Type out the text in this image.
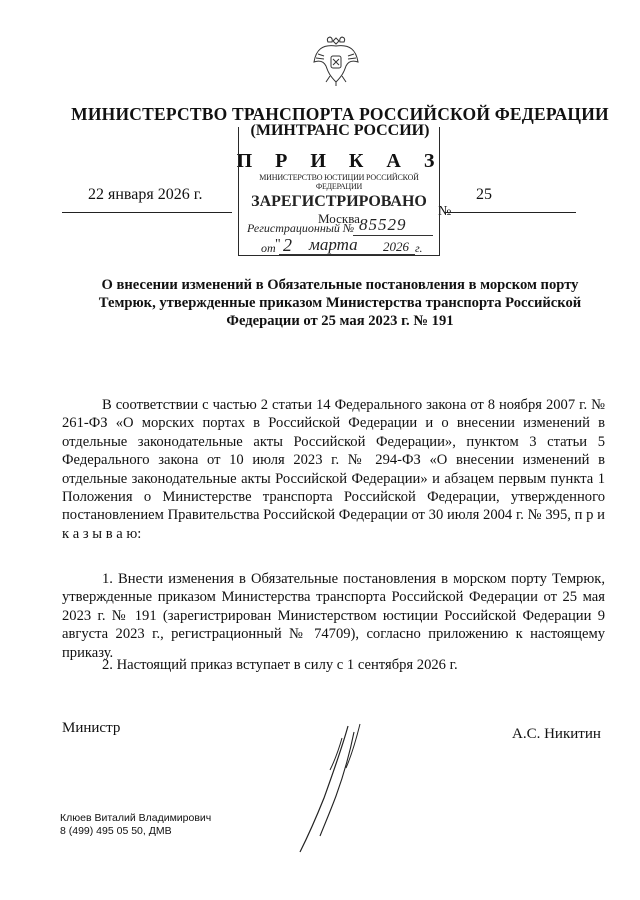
МИНИСТЕРСТВО ТРАНСПОРТА РОССИЙСКОЙ ФЕДЕРАЦИИ
(МИНТРАНС РОССИИ)
П Р И К А З
22 января 2026 г.
№
25
МИНИСТЕРСТВО ЮСТИЦИИ РОССИЙСКОЙ ФЕДЕРАЦИИ
ЗАРЕГИСТРИРОВАНО
Москва
Регистрационный № 85529
от " 2 марта 2026 г.
О внесении изменений в Обязательные постановления в морском порту Темрюк, утвержденные приказом Министерства транспорта Российской Федерации от 25 мая 2023 г. № 191
В соответствии с частью 2 статьи 14 Федерального закона от 8 ноября 2007 г. № 261-ФЗ «О морских портах в Российской Федерации и о внесении изменений в отдельные законодательные акты Российской Федерации», пунктом 3 статьи 5 Федерального закона от 10 июля 2023 г. № 294-ФЗ «О внесении изменений в отдельные законодательные акты Российской Федерации» и абзацем первым пункта 1 Положения о Министерстве транспорта Российской Федерации, утвержденного постановлением Правительства Российской Федерации от 30 июля 2004 г. № 395, п р и к а з ы в а ю:
1. Внести изменения в Обязательные постановления в морском порту Темрюк, утвержденные приказом Министерства транспорта Российской Федерации от 25 мая 2023 г. № 191 (зарегистрирован Министерством юстиции Российской Федерации 9 августа 2023 г., регистрационный № 74709), согласно приложению к настоящему приказу.
2. Настоящий приказ вступает в силу с 1 сентября 2026 г.
Министр	А.С. Никитин
Клюев Виталий Владимирович
8 (499) 495 05 50, ДМВ
